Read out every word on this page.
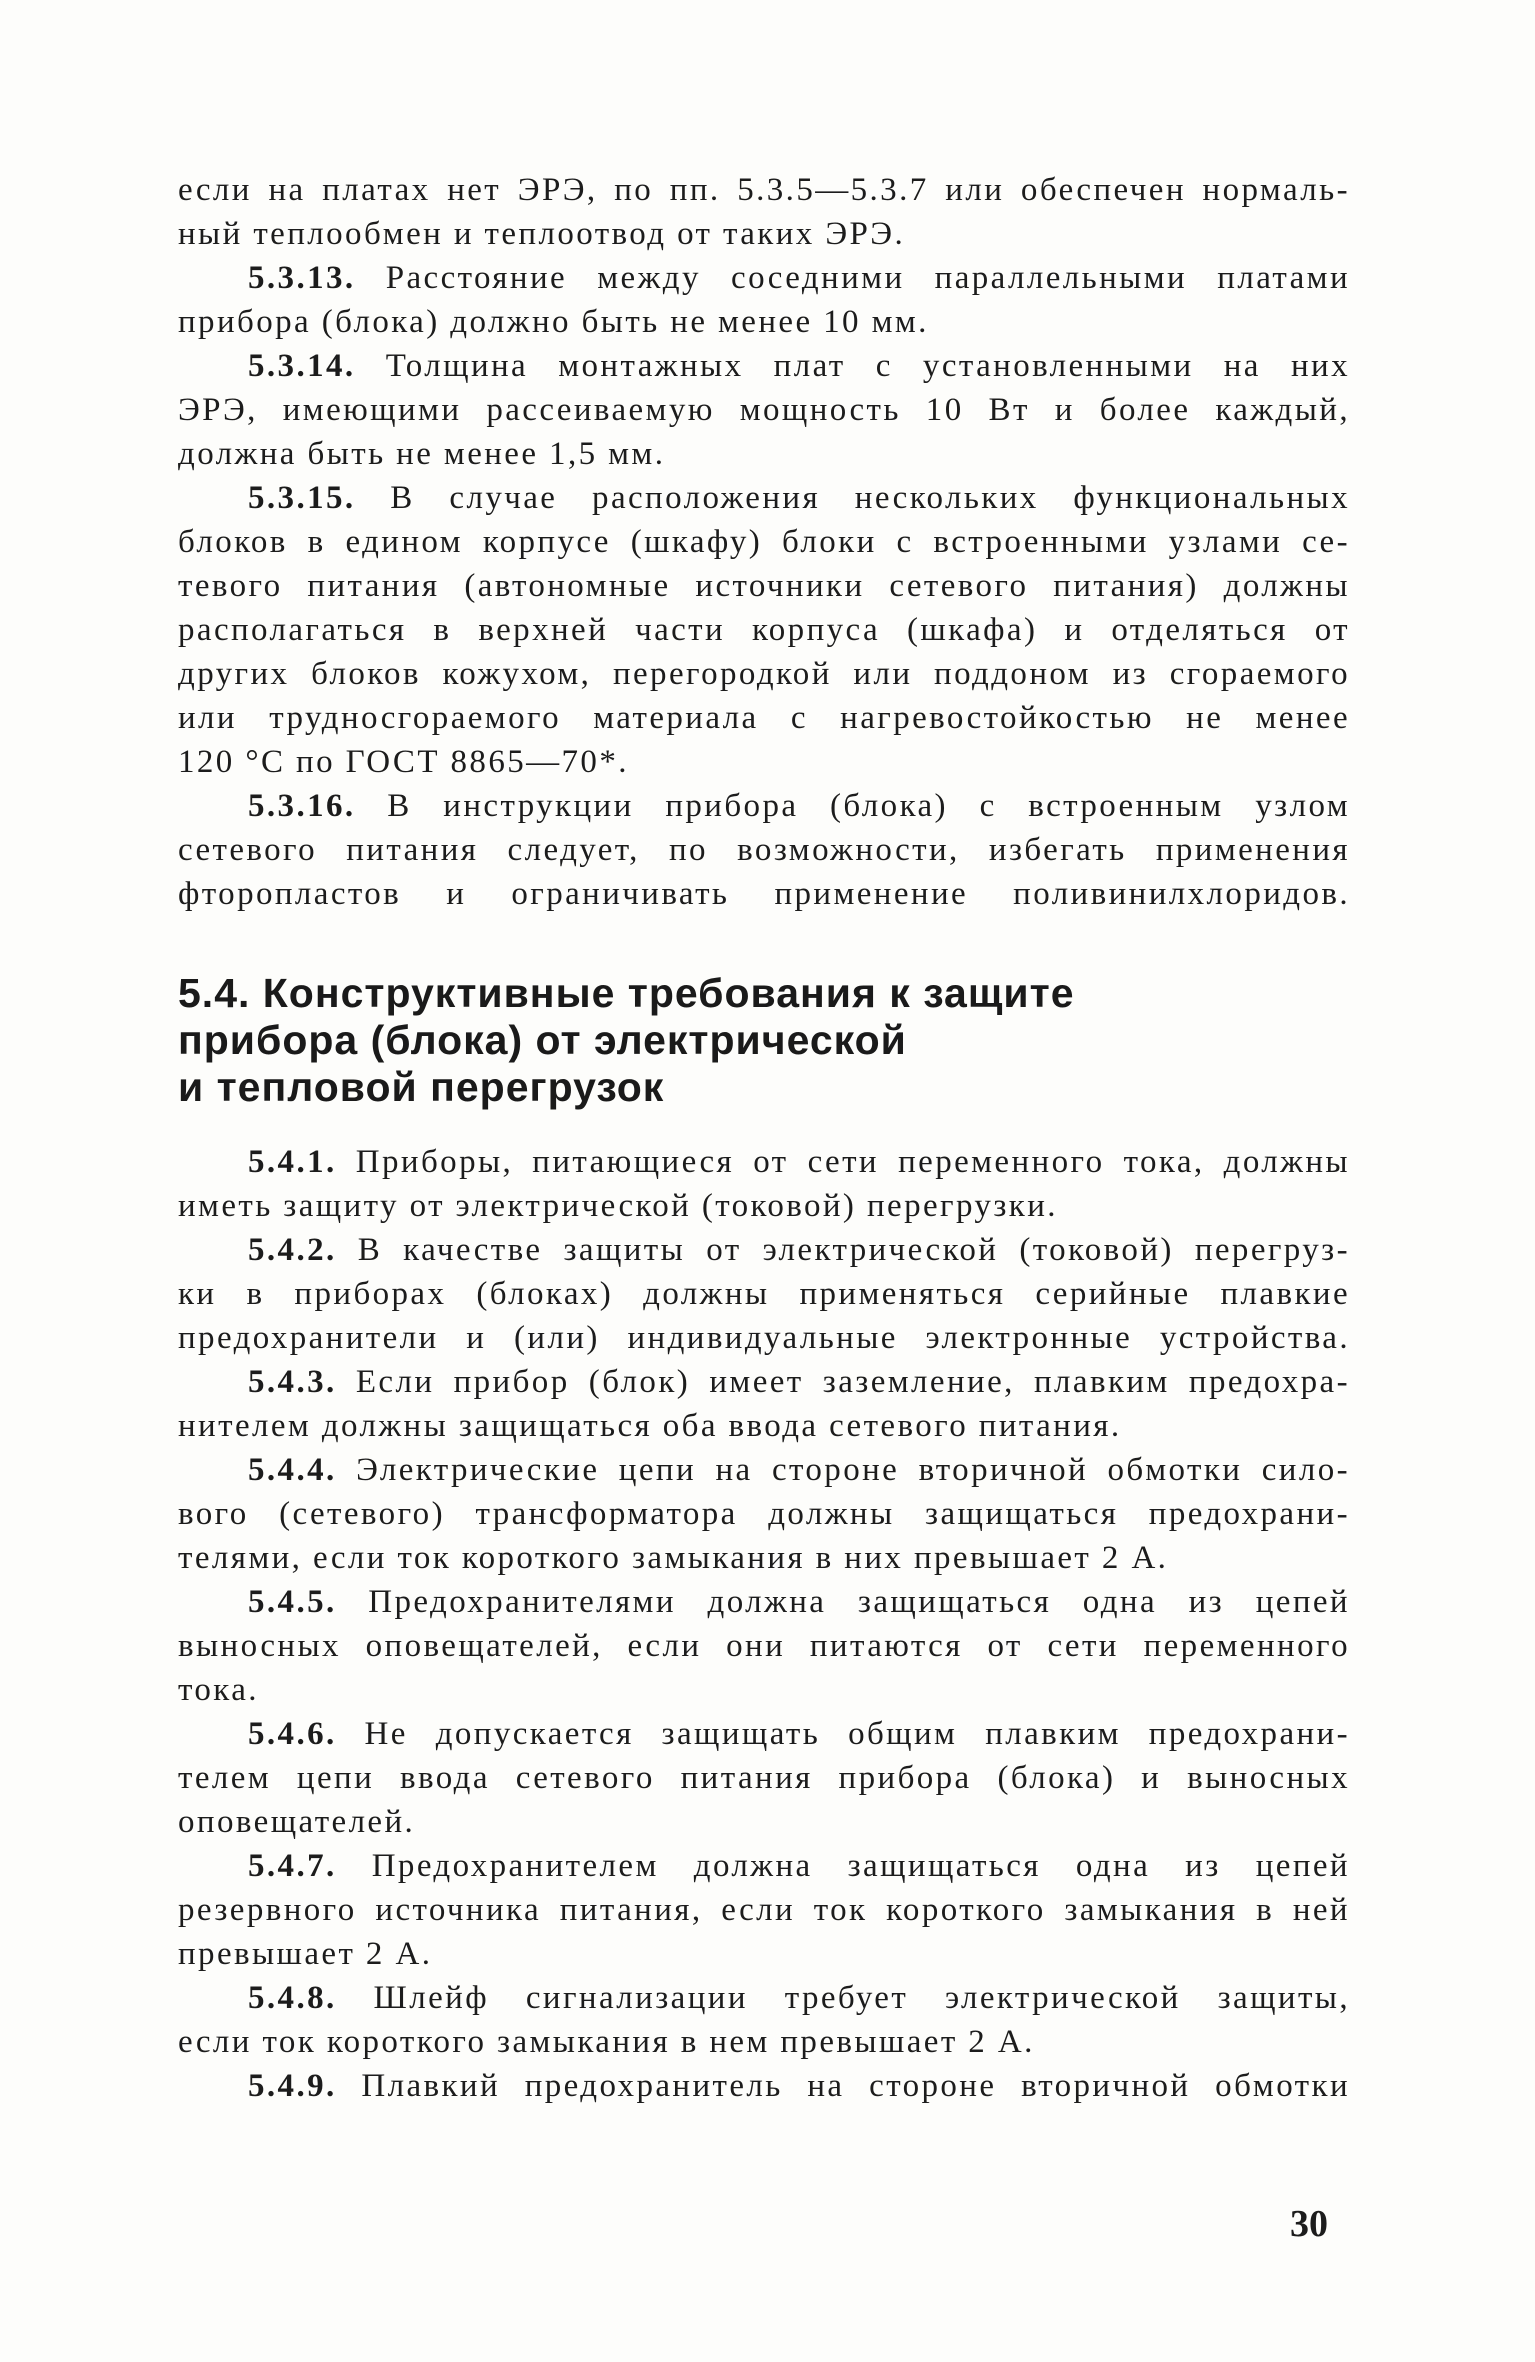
если на платах нет ЭРЭ, по пп. 5.3.5—5.3.7 или обеспечен нормаль-
ный теплообмен и теплоотвод от таких ЭРЭ.
5.3.13. Расстояние между соседними параллельными платами
прибора (блока) должно быть не менее 10 мм.
5.3.14. Толщина монтажных плат с установленными на них
ЭРЭ, имеющими рассеиваемую мощность 10 Вт и более каждый,
должна быть не менее 1,5 мм.
5.3.15. В случае расположения нескольких функциональных
блоков в едином корпусе (шкафу) блоки с встроенными узлами се-
тевого питания (автономные источники сетевого питания) должны
располагаться в верхней части корпуса (шкафа) и отделяться от
других блоков кожухом, перегородкой или поддоном из сгораемого
или трудносгораемого материала с нагревостойкостью не менее
120 °С по ГОСТ 8865—70*.
5.3.16. В инструкции прибора (блока) с встроенным узлом
сетевого питания следует, по возможности, избегать применения
фторопластов и ограничивать применение поливинилхлоридов.
5.4. Конструктивные требования к защите
прибора (блока) от электрической
и тепловой перегрузок
5.4.1. Приборы, питающиеся от сети переменного тока, должны
иметь защиту от электрической (токовой) перегрузки.
5.4.2. В качестве защиты от электрической (токовой) перегруз-
ки в приборах (блоках) должны применяться серийные плавкие
предохранители и (или) индивидуальные электронные устройства.
5.4.3. Если прибор (блок) имеет заземление, плавким предохра-
нителем должны защищаться оба ввода сетевого питания.
5.4.4. Электрические цепи на стороне вторичной обмотки сило-
вого (сетевого) трансформатора должны защищаться предохрани-
телями, если ток короткого замыкания в них превышает 2 А.
5.4.5. Предохранителями должна защищаться одна из цепей
выносных оповещателей, если они питаются от сети переменного
тока.
5.4.6. Не допускается защищать общим плавким предохрани-
телем цепи ввода сетевого питания прибора (блока) и выносных
оповещателей.
5.4.7. Предохранителем должна защищаться одна из цепей
резервного источника питания, если ток короткого замыкания в ней
превышает 2 А.
5.4.8. Шлейф сигнализации требует электрической защиты,
если ток короткого замыкания в нем превышает 2 А.
5.4.9. Плавкий предохранитель на стороне вторичной обмотки
30
